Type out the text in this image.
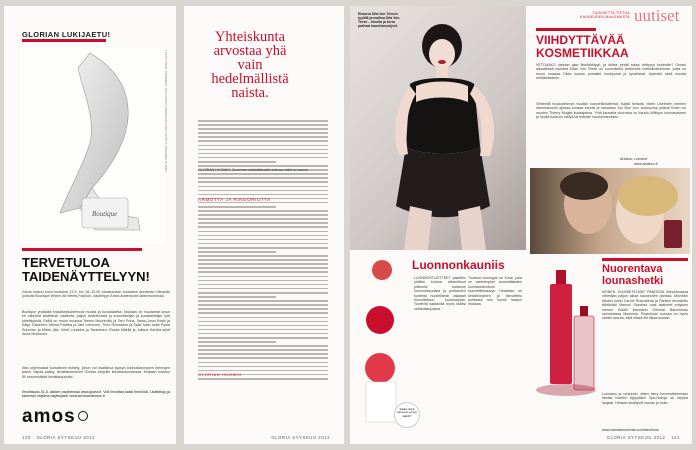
GLORIAN LUKIJAETU!
Boutique
TEKSTI ANNE VUORINEN, KUVA AMOS ANDERSON KUVA: MARTTI JÄRVINEN GLORIA
TERVETULOA TAIDENÄYTTELYYN!
Gloria kutsuu sinut torstaina 13.9. klo 18–19.30 tutustumaan kuraattori Annamari Vänskän johdolla Boutique Where Art Meets Fashion -näyttelyyn Amos Andersonin taidemuseossa.
Boutique yhdistää ensiaikeksuhteessä muotia ja kuvataidetta. Mukaan on muutamat sinun eri elinpiiriä sisältäviä, vaatteita, paljon taideteoksia ja suunnittelijan ja kuvataiteilijan työt yhteistyöstä. Esillä on muun muassa Teemu Muurimäki ja Tero Puha, Samu-Jussi Koski ja Katja Tukiainen, Minna Parikka ja Jani Leinonen, Timo Riuoranen ja Salla Salin sekä Paola Suhonen ja Mikko Ijäs, Heidi Lunabba ja Tarantinen, Ruska Mäkilä ja Juliana Harkila sekä Anna Mustosen.
Illan ohjelmassa kuraattorin esittely, johon voi osallistua syksyn kiinnostavimpien teemojen pariin. Vapaa pääsy. Ilmoittautuminen Glorian lukijoille ilmoittautumisessa. Mukaan mahtuu 50 ensimmäistä ilmoittautunutta.
Ilmoittaudu 31.8. alkaen osoitteessa www.gloria.fi. Voit ilmoittaa kaksi henkilöä. Lisätietoja ja tarkempi ohjelma näyttelystä: www.amosanderson.fi
amos
120 GLORIA SYYSKUU 2012
Yhteiskunta arvostaa yhä vain hedelmällistä naista.
GLORIAN HUOMIO: Suomeen brändäämään tulossa mikä on suurta.
ARMOTTA JA RINGORIUTTA
GLORIAN HUOMIO
GLORIA SYYSKUU 2012
Elokuva Dita Von Teesen tyylillä ja mallina Dita Von Teese – Ilmoita ja kerro parhaat kaunistusohjeet.
TUOKSETTA TIETOA KAUNEUDEN MAAILMASTA uutiset
VIIHDYTTÄVÄÄ KOSMETIIKKAA
VETOAAKO vanhan ajan filmitähtityyli, ja ohitse peräti salaa viettynyt burleskin? Omani aikavälissä mukana Ditan Von Teese on suunnitellut Artdecolle meikkikokoelman, josta on muun muassa Ditan luokan punaiset huulipunat ja kynsilakat, ripsivärit sekä mustat meikkiiartamin.
Viihteellä houkuttelevat muutkin kosmetiikkafirmat. Kaikki tietävät, miten Unelmien miehen hammasuurin ajoissa kanssa kaunis ja sanotaan Jon Bon Jovi -tuoksunsa ystävä Kuten on muuten Thierry Mugler kuvaajansa. Yhtä kaunista vuorossa on kaunis hillittyyn hurmaukseen ja hyvää tuoksun sävyä tai brändin muotoiluteoksen.
Artdeco, Lumene
www.artdeco.fi
Saako tämä kauneus syntyä kaikki?
Luonnonkauniis
LUONNOSTUOTTEET pakettiin yhtään kotona aikamiltuuri pitämme kartanon luonnonkaunista ja puhtauden tuotteita huolellisesti vakaasti hinnoiteltuun tuotesarjaan. Tuotteita saatavilla myös lisäksi verkkokaupassa.
Tuoksun kuningas on Kosé, joka on vanhempien ammattilaisten kunnianhimoinen kosmetiikkasarja. Hintataso on keskihintainen ja hinnoittelu puhtaasti sen hyvän laadun mukaan.
Nuorentava lounashetki
MONEN SUUNNITELMAT PANOSSA Barcelonassa vietetään paljon aikaa kauneuden parissa. Michellin tähden kokki Carme Ruscalleda ja Pariisin arvostettu tähtikokki Manuel Sánchez ovat laatineet erityisen menun Hotelli Mandarin Oriental Barcelonan ravintolassa Moments. Ravintolan ruoissa on hyvin vähän rasvaa, eikä niissä ole liikaa suolaa.
Lounastu ja rentoudu, sitten siirry hemmottelemaan itseäsi hotellin kylpylään! Spa-hoitoja on tarjolla laajasti. Hintaan sisältyvät lounas ja hoito.
www.mandarinoriental.com/barcelona
GLORIA SYYSKUU 2012 121
